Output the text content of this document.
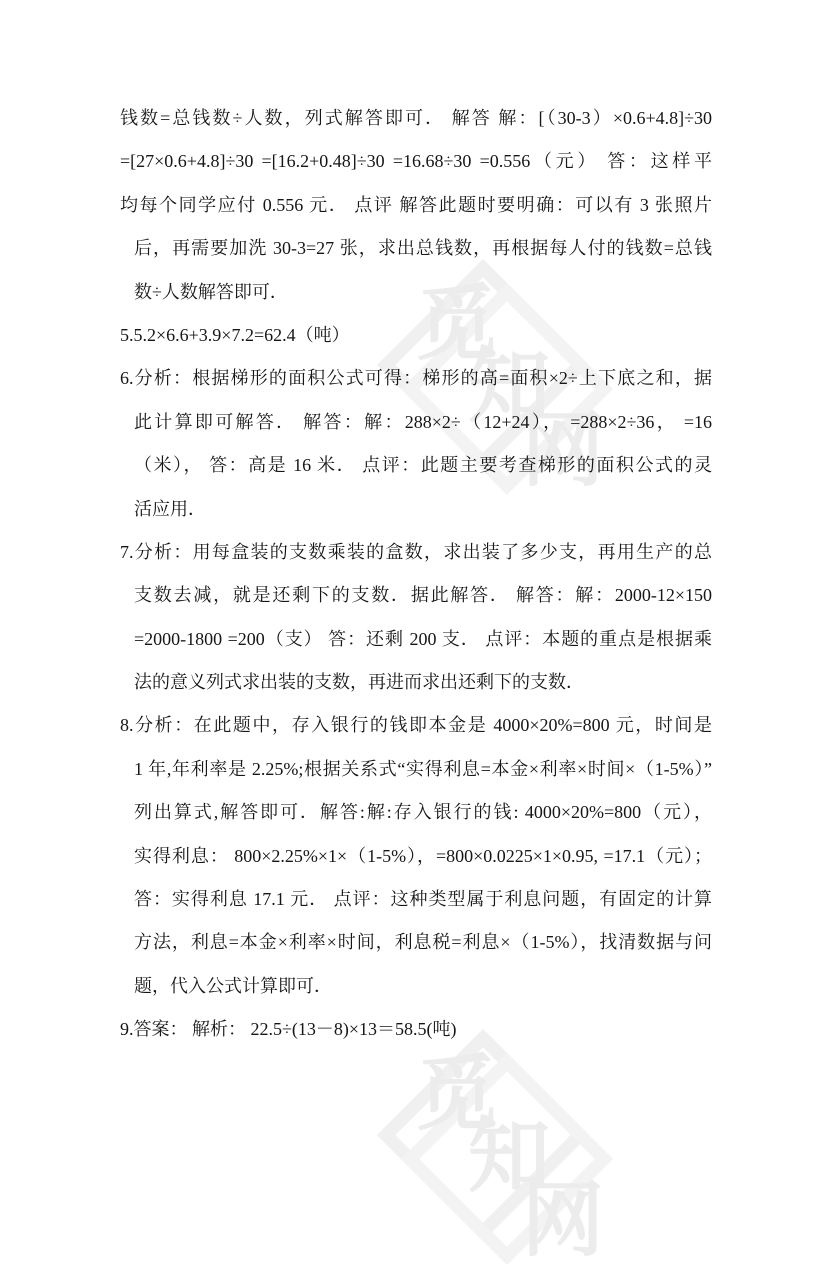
觅
知
网
觅
知
网
钱数=总钱数÷人数，列式解答即可． 解答 解：[（30-3）×0.6+4.8]÷30
=[27×0.6+4.8]÷30 =[16.2+0.48]÷30 =16.68÷30 =0.556（元） 答：这样平
均每个同学应付 0.556 元． 点评 解答此题时要明确：可以有 3 张照片
后，再需要加洗 30-3=27 张，求出总钱数，再根据每人付的钱数=总钱
数÷人数解答即可．
5.5.2×6.6+3.9×7.2=62.4（吨）
6.分析：根据梯形的面积公式可得：梯形的高=面积×2÷上下底之和，据
此计算即可解答． 解答：解：288×2÷（12+24）， =288×2÷36， =16
（米）， 答：高是 16 米． 点评：此题主要考查梯形的面积公式的灵
活应用．
7.分析：用每盒装的支数乘装的盒数，求出装了多少支，再用生产的总
支数去减，就是还剩下的支数．据此解答． 解答：解：2000-12×150
=2000-1800 =200（支） 答：还剩 200 支． 点评：本题的重点是根据乘
法的意义列式求出装的支数，再进而求出还剩下的支数．
8.分析：在此题中，存入银行的钱即本金是 4000×20%=800 元，时间是
1 年,年利率是 2.25%;根据关系式“实得利息=本金×利率×时间×（1-5%）”
列出算式,解答即可．解答:解:存入银行的钱: 4000×20%=800（元），
实得利息： 800×2.25%×1×（1-5%），=800×0.0225×1×0.95, =17.1（元）；
答：实得利息 17.1 元． 点评：这种类型属于利息问题，有固定的计算
方法，利息=本金×利率×时间，利息税=利息×（1-5%），找清数据与问
题，代入公式计算即可．
9.答案： 解析： 22.5÷(13－8)×13＝58.5(吨)
